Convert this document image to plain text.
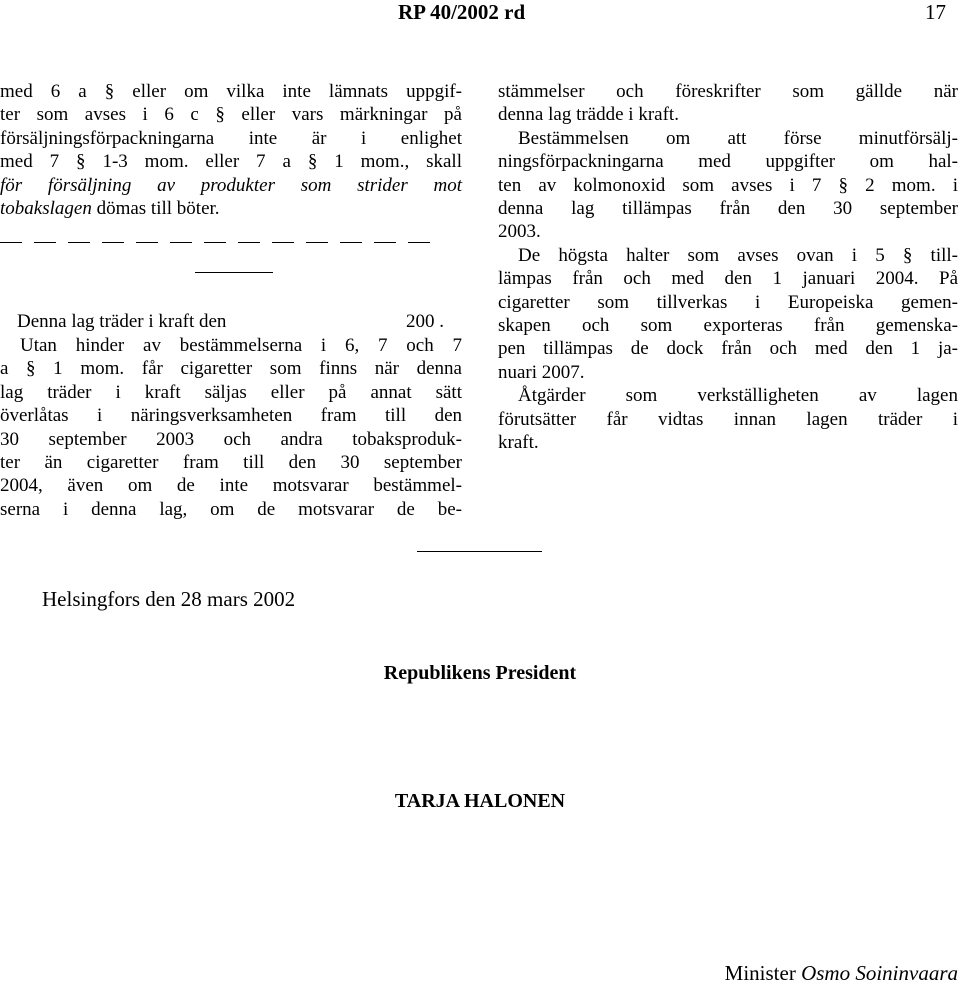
RP 40/2002 rd	17
med 6 a § eller om vilka inte lämnats uppgif-
ter som avses i 6 c § eller vars märkningar på
försäljningsförpackningarna inte är i enlighet
med 7 § 1-3 mom. eller 7 a § 1 mom., skall
för försäljning av produkter som strider mot
tobakslagen dömas till böter.
Denna lag träder i kraft den	200 .
Utan hinder av bestämmelserna i 6, 7 och 7
a § 1 mom. får cigaretter som finns när denna
lag träder i kraft säljas eller på annat sätt
överlåtas i näringsverksamheten fram till den
30 september 2003 och andra tobaksproduk-
ter än cigaretter fram till den 30 september
2004, även om de inte motsvarar bestämmel-
serna i denna lag, om de motsvarar de be-
stämmelser och föreskrifter som gällde när
denna lag trädde i kraft.
Bestämmelsen om att förse minutförsälj-
ningsförpackningarna med uppgifter om hal-
ten av kolmonoxid som avses i 7 § 2 mom. i
denna lag tillämpas från den 30 september
2003.
De högsta halter som avses ovan i 5 § till-
lämpas från och med den 1 januari 2004. På
cigaretter som tillverkas i Europeiska gemen-
skapen och som exporteras från gemenska-
pen tillämpas de dock från och med den 1 ja-
nuari 2007.
Åtgärder som verkställigheten av lagen
förutsätter får vidtas innan lagen träder i
kraft.
Helsingfors den 28 mars 2002
Republikens President
TARJA HALONEN
Minister Osmo Soininvaara
